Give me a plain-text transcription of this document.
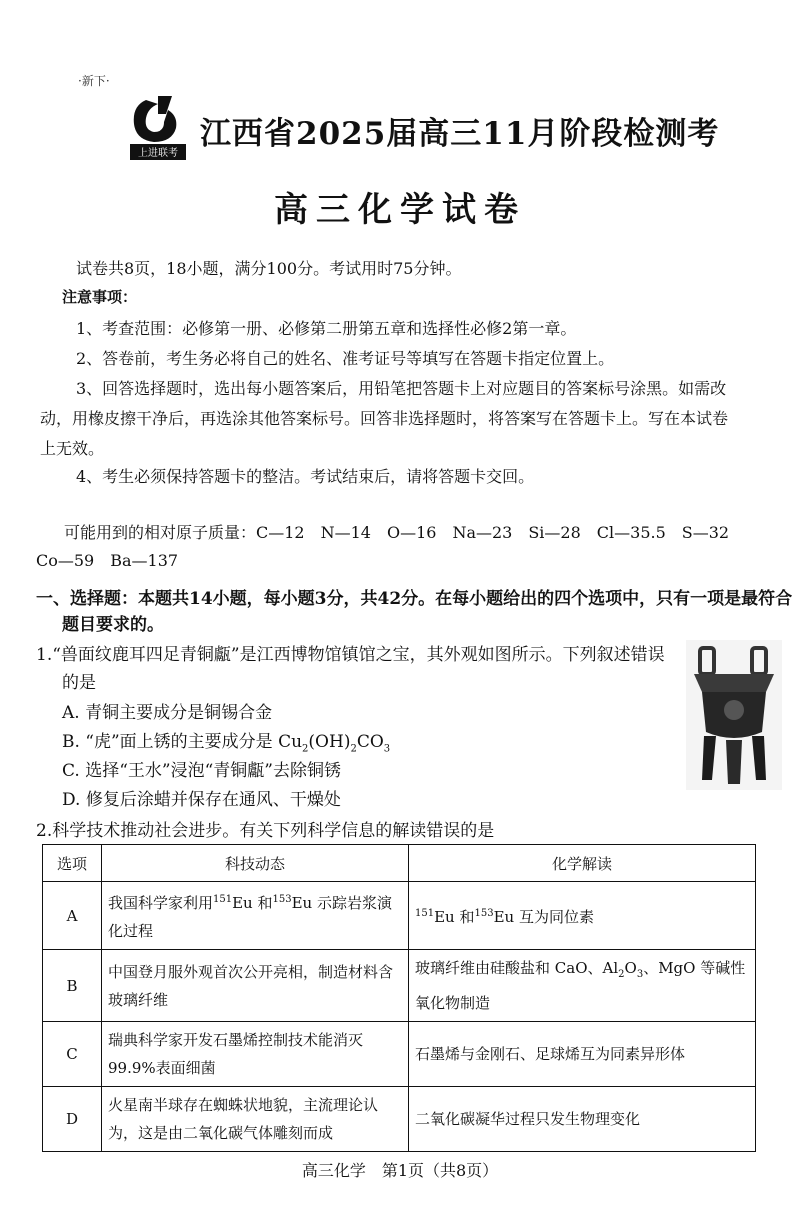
·新下·
上进联考
江西省2025届高三11月阶段检测考
高三化学试卷
试卷共8页，18小题，满分100分。考试用时75分钟。
注意事项：
1、考查范围：必修第一册、必修第二册第五章和选择性必修2第一章。
2、答卷前，考生务必将自己的姓名、准考证号等填写在答题卡指定位置上。
3、回答选择题时，选出每小题答案后，用铅笔把答题卡上对应题目的答案标号涂黑。如需改
动，用橡皮擦干净后，再选涂其他答案标号。回答非选择题时，将答案写在答题卡上。写在本试卷
上无效。
4、考生必须保持答题卡的整洁。考试结束后，请将答题卡交回。
可能用到的相对原子质量：C—12　N—14　O—16　Na—23　Si—28　Cl—35.5　S—32
Co—59　Ba—137
一、选择题：本题共14小题，每小题3分，共42分。在每小题给出的四个选项中，只有一项是最符合
题目要求的。
1.“兽面纹鹿耳四足青铜甗”是江西博物馆镇馆之宝，其外观如图所示。下列叙述错误
的是
A. 青铜主要成分是铜锡合金
B. “虎”面上锈的主要成分是 $Cu_2(OH)_2CO_3$
C. 选择“王水”浸泡“青铜甗”去除铜锈
D. 修复后涂蜡并保存在通风、干燥处
2.科学技术推动社会进步。有关下列科学信息的解读错误的是
选项	科技动态	化学解读
A	我国科学家利用$^{151}$Eu 和$^{153}$Eu 示踪岩浆演化过程	$^{151}$Eu 和$^{153}$Eu 互为同位素
B	中国登月服外观首次公开亮相，制造材料含玻璃纤维	玻璃纤维由硅酸盐和 CaO、$Al_2O_3$、MgO 等碱性氧化物制造
C	瑞典科学家开发石墨烯控制技术能消灭99.9%表面细菌	石墨烯与金刚石、足球烯互为同素异形体
D	火星南半球存在蜘蛛状地貌，主流理论认为，这是由二氧化碳气体雕刻而成	二氧化碳凝华过程只发生物理变化
高三化学　第1页（共8页）
